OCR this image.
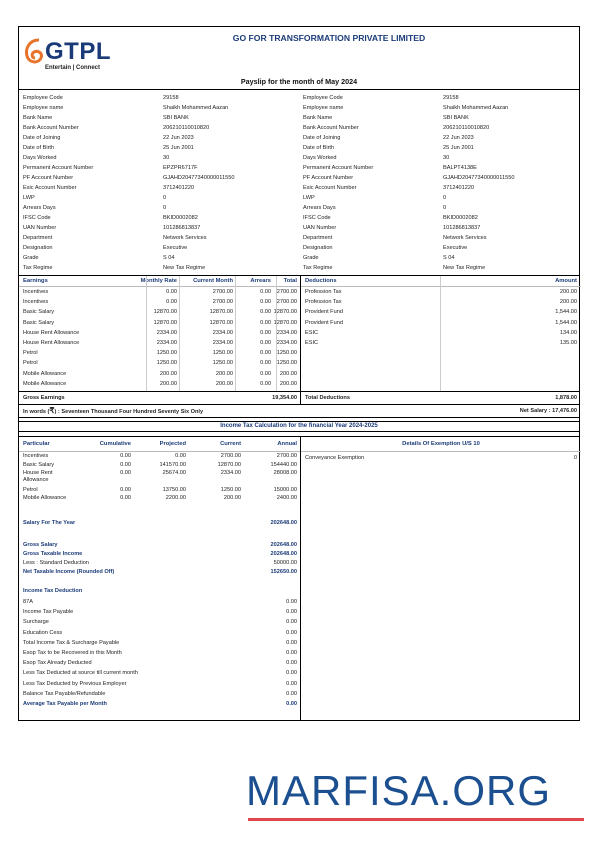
GTPL
Entertain | Connect
GO FOR TRANSFORMATION PRIVATE LIMITED
Payslip for the month of May 2024
Employee Code	29158
Employee name	Shaikh Mohammed Aazan
Bank Name	SBI BANK
Bank Account Number	206210110010820
Date of Joining	22 Jun 2023
Date of Birth	25 Jun 2001
Days Worked	30
Permanent Account Number	EPZPR6717F
PF Account Number	GJAHD20477340000011550
Esic Account Number	3712401220
LWP	0
Arrears Days	0
IFSC Code	BKID0002082
UAN Number	101286813837
Department	Network Services
Designation	Executive
Grade	S 04
Tax Regime	New Tax Regime
Employee Code	29158
Employee name	Shaikh Mohammed Aazan
Bank Name	SBI BANK
Bank Account Number	206210110010820
Date of Joining	22 Jun 2023
Date of Birth	25 Jun 2001
Days Worked	30
Permanent Account Number	BALPT4138E
PF Account Number	GJAHD20477340000011550
Esic Account Number	3712401220
LWP	0
Arrears Days	0
IFSC Code	BKID0002082
UAN Number	101286813837
Department	Network Services
Designation	Executive
Grade	S 04
Tax Regime	New Tax Regime
Earnings	Monthly Rate	Current Month	Arrears	Total
Incentives	0.00	2700.00	0.00	2700.00
Incentives	0.00	2700.00	0.00	2700.00
Basic Salary	12870.00	12870.00	0.00 12870.00
Basic Salary	12870.00	12870.00	0.00 12870.00
House Rent Allowance	2334.00	2334.00	0.00	2334.00
House Rent Allowance	2334.00	2334.00	0.00	2334.00
Petrol	1250.00	1250.00	0.00	1250.00
Petrol	1250.00	1250.00	0.00	1250.00
Mobile Allowance	200.00	200.00	0.00	200.00
Mobile Allowance	200.00	200.00	0.00	200.00
Deductions	Amount
Profession Tax	200.00
Profession Tax	200.00
Provident Fund	1,544.00
Provident Fund	1,544.00
ESIC	134.00
ESIC	135.00
Gross Earnings	19,354.00 Total Deductions	1,878.00
In words (₹) : Seventeen Thousand Four Hundred Seventy Six Only	Net Salary : 17,476.00
Income Tax Calculation for the financial Year 2024-2025
Particular	Cumulative	Projected	Current	Annual
Incentives	0.00	0.00	2700.00	2700.00
Basic Salary	0.00	141570.00	12870.00	154440.00
House Rent Allowance
0.00	25674.00	2334.00	28008.00
Petrol	0.00	13750.00	1250.00	15000.00
Mobile Allowance	0.00	2200.00	200.00	2400.00
Salary For The Year	202648.00
Gross Salary	202648.00
Gross Taxable Income	202648.00
Less : Standard Deduction	50000.00
Net Taxable Income (Rounded Off)	152650.00
Income Tax Deduction
87A	0.00
Income Tax Payable	0.00
Surcharge	0.00
Education Cess	0.00
Total Income Tax & Surcharge Payable	0.00
Esop Tax to be Recovered in this Month	0.00
Esop Tax Already Deducted	0.00
Less Tax Deducted at source till current month	0.00
Less Tax Deducted by Previous Employer	0.00
Balance Tax Payable/Refundable	0.00
Average Tax Payable per Month	0.00
Details Of Exemption U/S 10
Conveyance Exemption	0
MARFISA.ORG
